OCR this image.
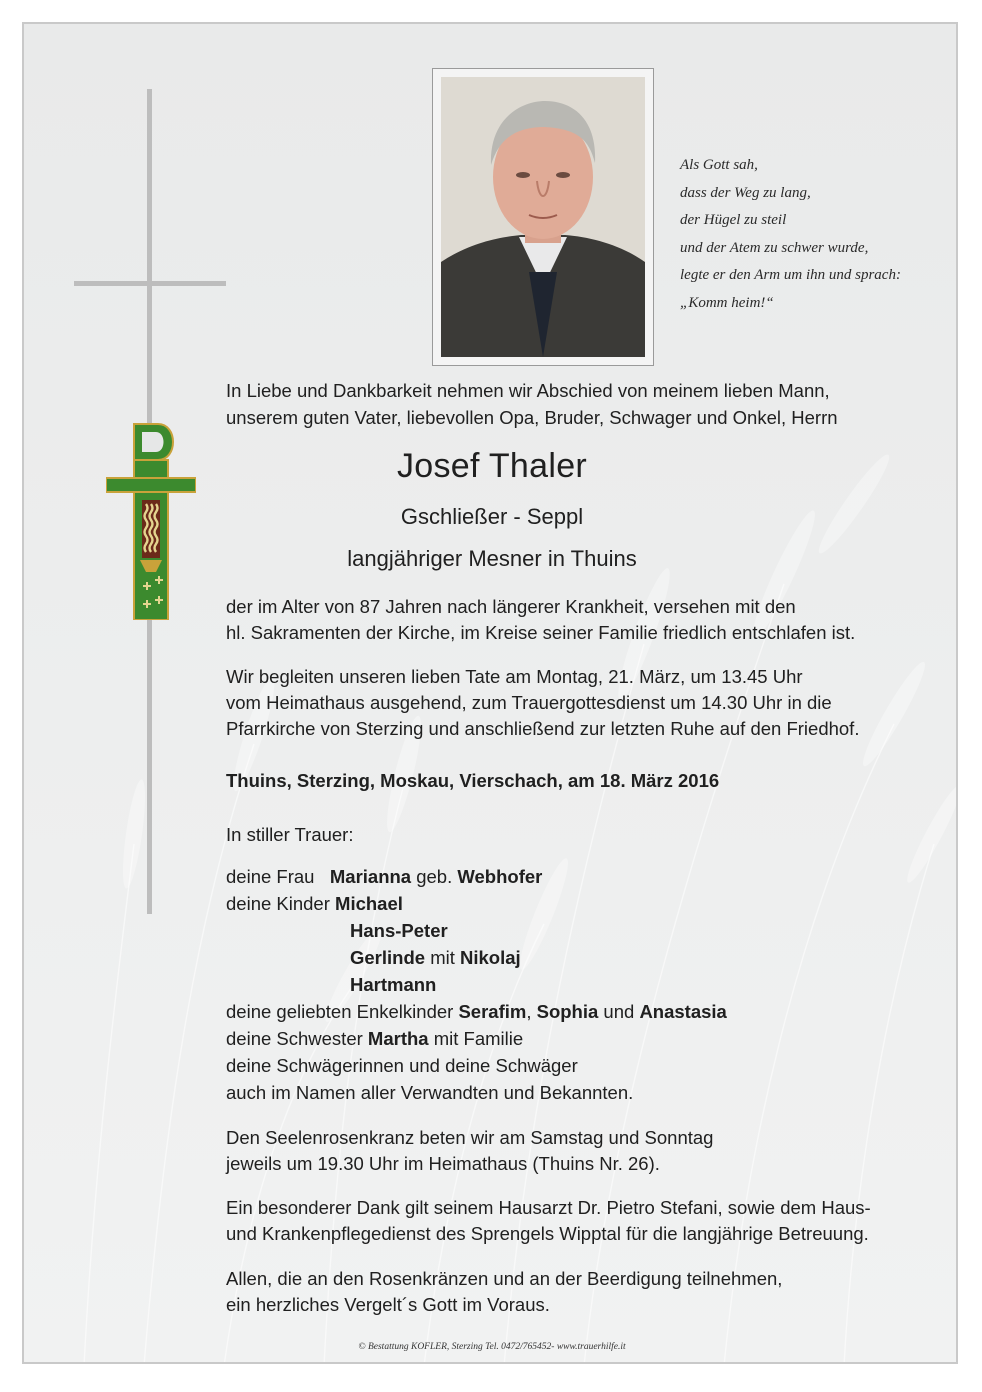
Als Gott sah,
dass der Weg zu lang,
der Hügel zu steil
und der Atem zu schwer wurde,
legte er den Arm um ihn und sprach:
„Komm heim!“
In Liebe und Dankbarkeit nehmen wir Abschied von meinem lieben Mann,
unserem guten Vater, liebevollen Opa, Bruder, Schwager und Onkel, Herrn
Josef Thaler
Gschließer - Seppl
langjähriger Mesner in Thuins
der im Alter von 87 Jahren nach längerer Krankheit, versehen mit den
hl. Sakramenten der Kirche, im Kreise seiner Familie friedlich entschlafen ist.
Wir begleiten unseren lieben Tate am Montag, 21. März, um 13.45 Uhr
vom Heimathaus ausgehend, zum Trauergottesdienst um 14.30 Uhr in die
Pfarrkirche von Sterzing und anschließend zur letzten Ruhe auf den Friedhof.
Thuins, Sterzing, Moskau, Vierschach, am 18. März 2016
In stiller Trauer:
deine Frau Marianna geb. Webhofer
deine Kinder Michael
Hans-Peter
Gerlinde mit Nikolaj
Hartmann
deine geliebten Enkelkinder Serafim, Sophia und Anastasia
deine Schwester Martha mit Familie
deine Schwägerinnen und deine Schwäger
auch im Namen aller Verwandten und Bekannten.
Den Seelenrosenkranz beten wir am Samstag und Sonntag
jeweils um 19.30 Uhr im Heimathaus (Thuins Nr. 26).
Ein besonderer Dank gilt seinem Hausarzt Dr. Pietro Stefani, sowie dem Haus-
und Krankenpflegedienst des Sprengels Wipptal für die langjährige Betreuung.
Allen, die an den Rosenkränzen und an der Beerdigung teilnehmen,
ein herzliches Vergelt´s Gott im Voraus.
© Bestattung KOFLER, Sterzing Tel. 0472/765452- www.trauerhilfe.it
